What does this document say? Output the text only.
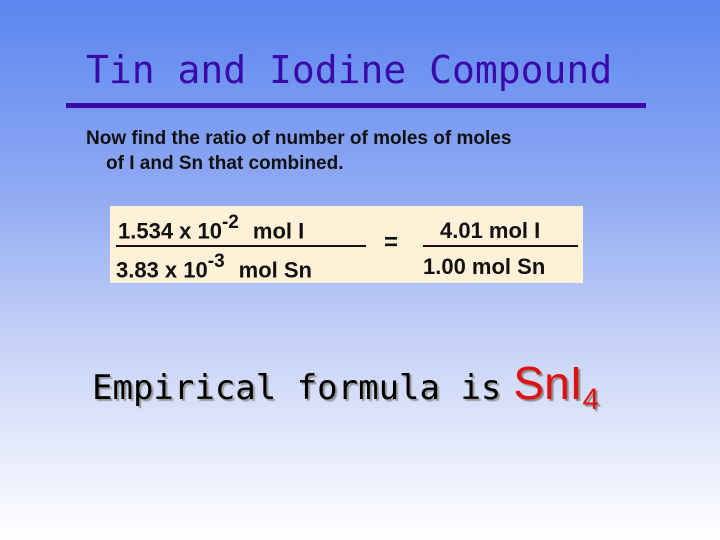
Tin and Iodine Compound
Now find the ratio of number of moles of moles
of I and Sn that combined.
1.534 x $10^{-2}$ mol I
3.83 x $10^{-3}$ mol Sn
= 4.01 mol I
1.00 mol Sn
Empirical formula is SnI$_4$
